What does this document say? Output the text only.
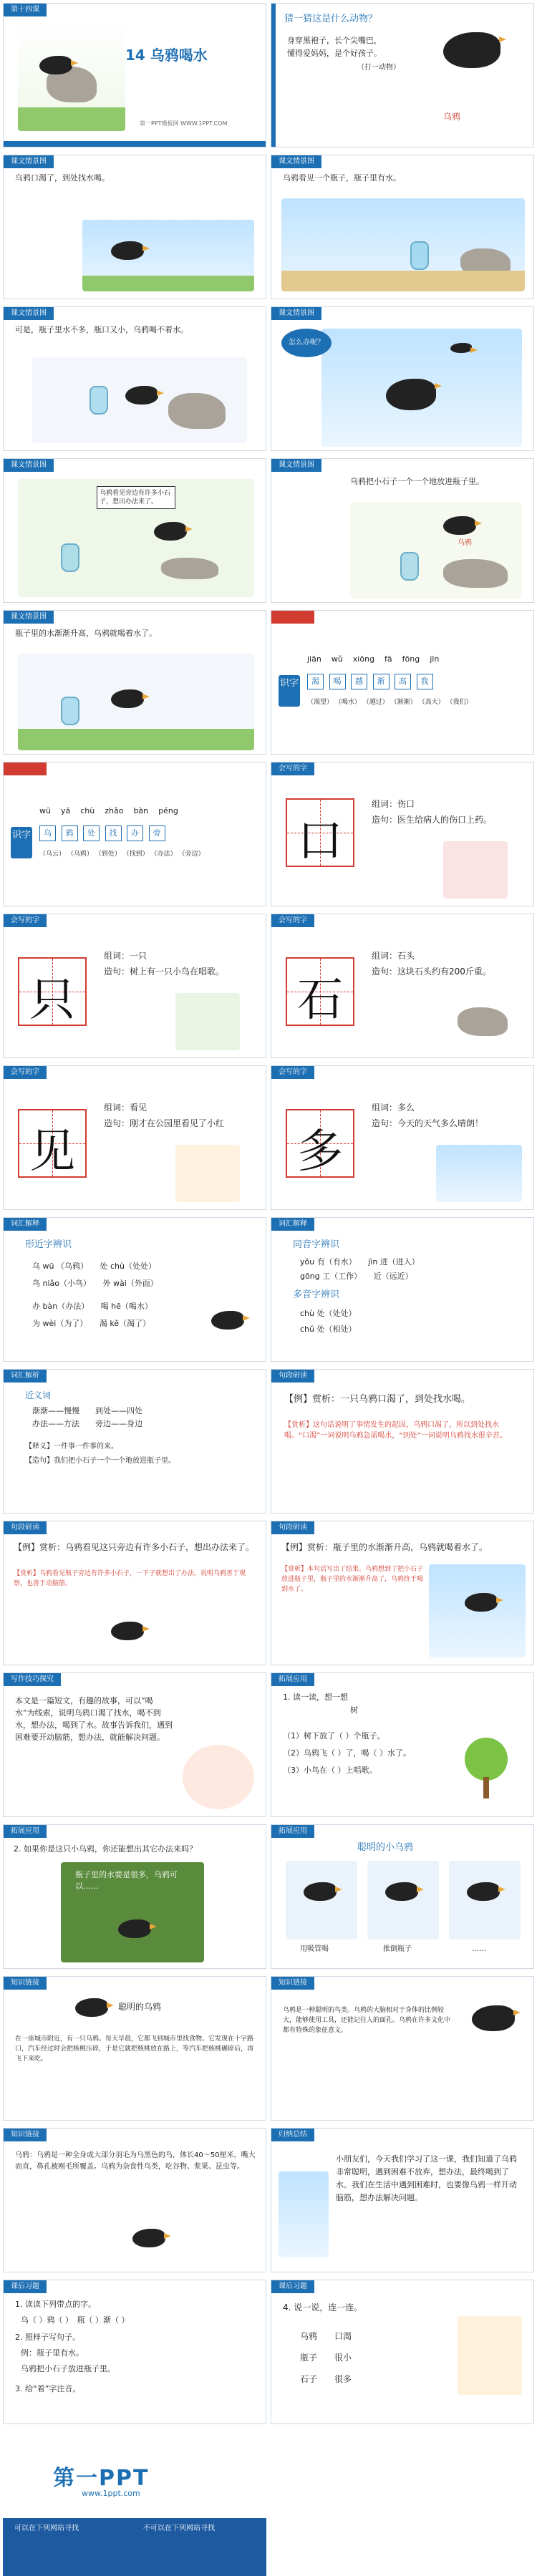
第十四课
14 乌鸦喝水
第一PPT模板网 WWW.1PPT.COM
猜一猜这是什么动物？
身穿黑袍子，长个尖嘴巴，
懂得爱妈妈，是个好孩子。
（打一动物）
乌鸦
课文情景图
乌鸦口渴了，到处找水喝。
课文情景图
乌鸦看见一个瓶子，瓶子里有水。
课文情景图
可是，瓶子里水不多，瓶口又小，乌鸦喝不着水。
课文情景图
怎么办呢？
课文情景图
乌鸦看见旁边有许多小石子，想出办法来了。
课文情景图
乌鸦把小石子一个一个地放进瓶子里。
乌鸦
课文情景图
瓶子里的水渐渐升高，乌鸦就喝着水了。
会认的字
识字
jiān wǔ xiōng fā fōng jīn
渴 喝 越 渐 高 我
（渴望） （喝水） （越过） （渐渐） （高大） （我们）
会认的字
识字
wū yā chù zhǎo bàn péng
乌 鸦 处 找 办 旁
（乌云） （乌鸦） （到处） （找到） （办法） （旁边）
会写的字
口
组词：伤口
造句：医生给病人的伤口上药。
会写的字
只
组词：一只
造句：树上有一只小鸟在唱歌。
会写的字
石
组词：石头
造句：这块石头约有200斤重。
会写的字
见
组词：看见
造句：刚才在公园里看见了小红
会写的字
多
组词：多么
造句：今天的天气多么晴朗！
词汇解释
形近字辨识
乌 wū （乌鸦）　　处 chù（处处）
鸟 niǎo（小鸟）　　外 wài（外面）
办 bàn（办法）　　喝 hē（喝水）
为 wèi（为了）　　渴 kě（渴了）
词汇解释
同音字辨识
yǒu 有（有水）　　jìn 进（进入）
gōng 工（工作）　　近（远近）
多音字辨识
chù 处（处处）
chǔ 处（相处）
词汇解析
近义词
渐渐——慢慢　　到处——四处
办法——方法　　旁边——身边
【释义】一件事一件事的来。
【造句】我们把小石子一个一个地放进瓶子里。
句段研读
【例】赏析：一只乌鸦口渴了，到处找水喝。
【赏析】这句话说明了事情发生的起因，乌鸦口渴了，所以到处找水喝。“口渴”一词说明乌鸦急需喝水，“到处”一词说明乌鸦找水很辛苦。
句段研读
【例】赏析：乌鸦看见这只旁边有许多小石子，想出办法来了。
【赏析】乌鸦看见瓶子旁边有许多小石子，一下子就想出了办法，说明乌鸦善于观察，也善于动脑筋。
句段研读
【例】赏析：瓶子里的水渐渐升高，乌鸦就喝着水了。
【赏析】本句话写出了结果。乌鸦想到了把小石子放进瓶子里，瓶子里的水渐渐升高了，乌鸦终于喝到水了。
写作技巧探究
本文是一篇短文，有趣的故事，可以“喝水”为线索，说明乌鸦口渴了找水，喝不到水，想办法，喝到了水。故事告诉我们，遇到困难要开动脑筋，想办法，就能解决问题。
拓展应用
1. 读一读，想一想
树
（1）树下放了（ ）个瓶子。
（2）乌鸦飞（ ）了，喝（ ）水了。
（3）小鸟在（ ）上唱歌。
拓展应用
2. 如果你是这只小乌鸦，你还能想出其它办法来吗？
瓶子里的水要是很多，乌鸦可以……
拓展应用
聪明的小乌鸦
用吸管喝	推倒瓶子	……
知识链接
聪明的乌鸦
在一座城市附近，有一只乌鸦。每天早晨，它都飞到城市里找食物。它发现在十字路口，汽车经过时会把核桃压碎，于是它就把核桃放在路上，等汽车把核桃碾碎后，再飞下来吃。
知识链接
乌鸦是一种聪明的鸟类。乌鸦的大脑相对于身体的比例较大，能够使用工具，还能记住人的面孔。乌鸦在许多文化中都有特殊的象征意义。
知识链接
乌鸦：乌鸦是一种全身或大部分羽毛为乌黑色的鸟，体长40～50厘米，嘴大而直，鼻孔被刚毛所覆盖。乌鸦为杂食性鸟类，吃谷物、浆果、昆虫等。
归纳总结
小朋友们，今天我们学习了这一课，我们知道了乌鸦非常聪明，遇到困难不放弃，想办法，最终喝到了水。我们在生活中遇到困难时，也要像乌鸦一样开动脑筋，想办法解决问题。
课后习题
1. 读读下列带点的字。
乌（ ）鸦（ ）　瓶（ ）渐（ ）
2. 照样子写句子。
例：瓶子里有水。
乌鸦把小石子放进瓶子里。
3. 给“着”字注音。
课后习题
4. 说一说，连一连。
乌鸦　　口渴
瓶子　　很小
石子　　很多
第一PPT
www.1ppt.com
可以在下列网站寻找	不可以在下列网站寻找
